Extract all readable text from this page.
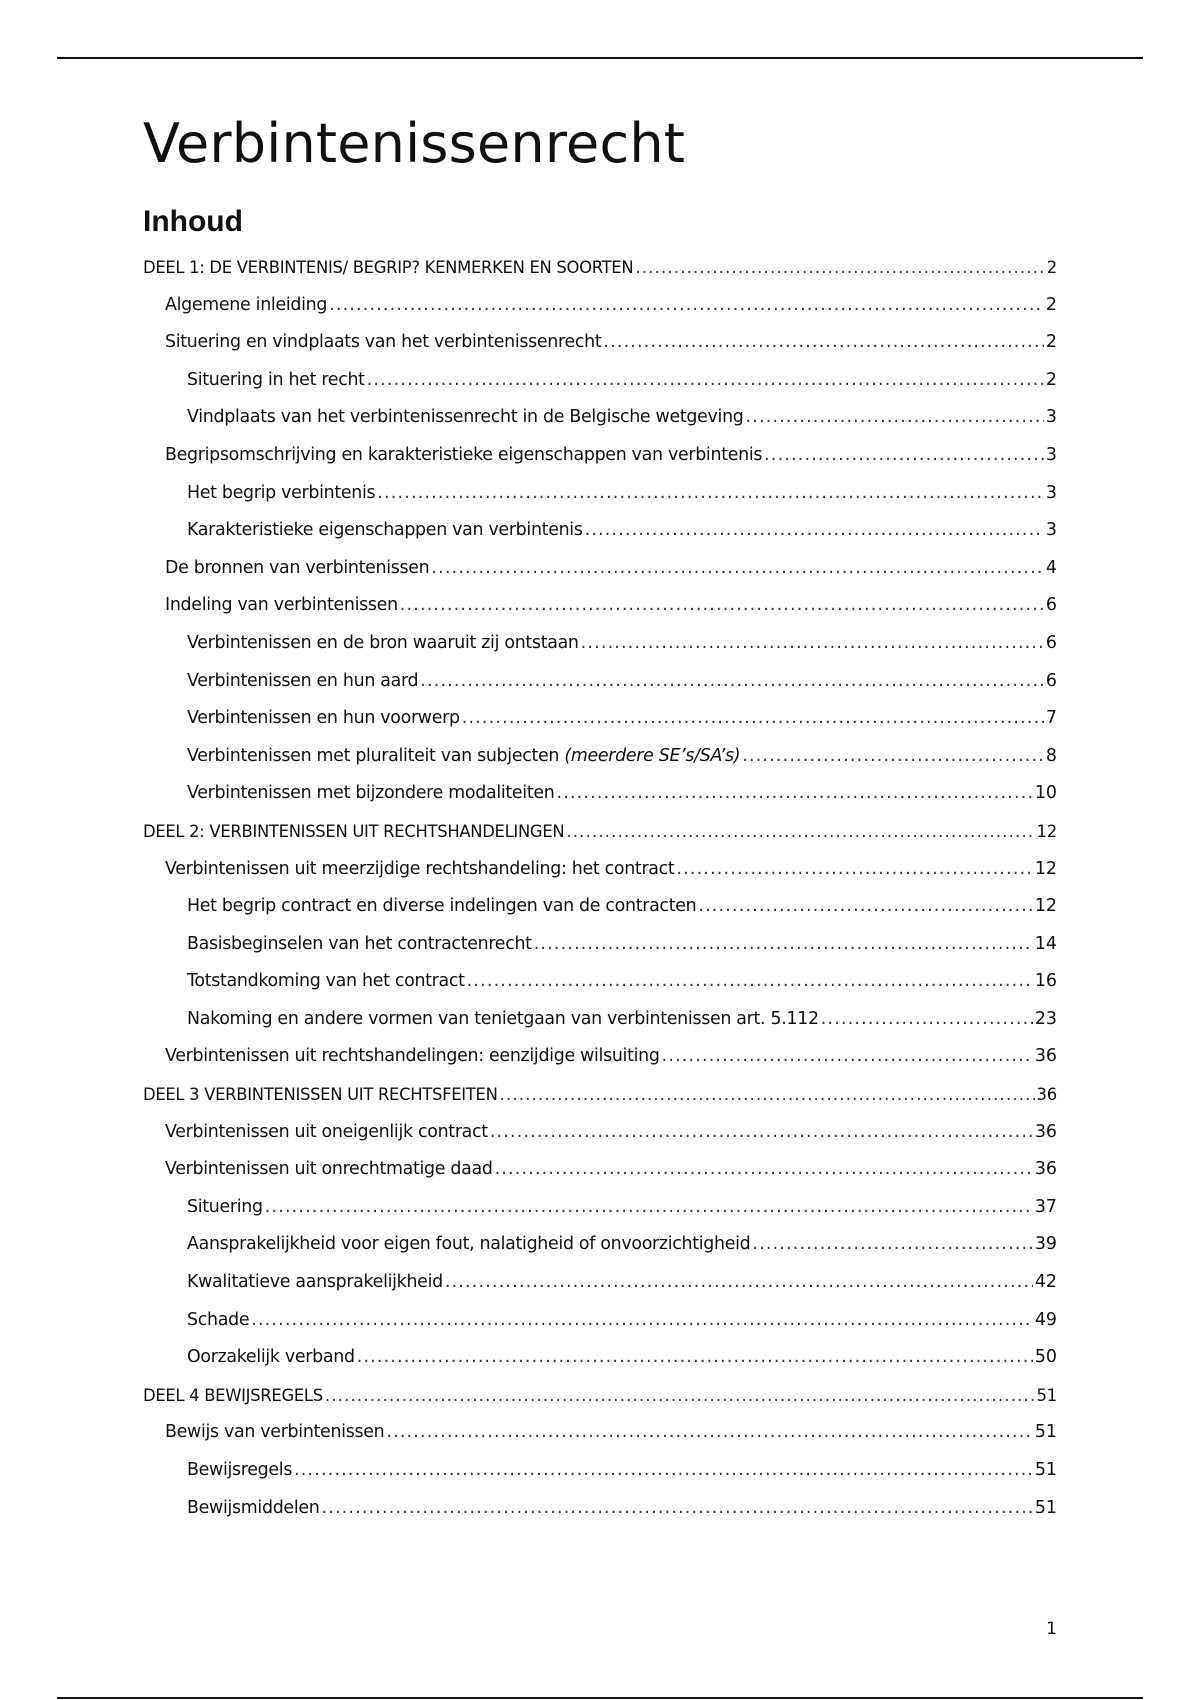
Verbintenissenrecht
Inhoud
DEEL 1: DE VERBINTENIS/ BEGRIP? KENMERKEN EN SOORTEN .....	2
Algemene inleiding .....	2
Situering en vindplaats van het verbintenissenrecht .....	2
Situering in het recht .....	2
Vindplaats van het verbintenissenrecht in de Belgische wetgeving .....	3
Begripsomschrijving en karakteristieke eigenschappen van verbintenis .....	3
Het begrip verbintenis .....	3
Karakteristieke eigenschappen van verbintenis .....	3
De bronnen van verbintenissen .....	4
Indeling van verbintenissen .....	6
Verbintenissen en de bron waaruit zij ontstaan .....	6
Verbintenissen en hun aard .....	6
Verbintenissen en hun voorwerp .....	7
Verbintenissen met pluraliteit van subjecten (meerdere SE’s/SA’s) .....	8
Verbintenissen met bijzondere modaliteiten .....	10
DEEL 2: VERBINTENISSEN UIT RECHTSHANDELINGEN .....	12
Verbintenissen uit meerzijdige rechtshandeling: het contract .....	12
Het begrip contract en diverse indelingen van de contracten .....	12
Basisbeginselen van het contractenrecht .....	14
Totstandkoming van het contract .....	16
Nakoming en andere vormen van tenietgaan van verbintenissen art. 5.112 .....	23
Verbintenissen uit rechtshandelingen: eenzijdige wilsuiting .....	36
DEEL 3 VERBINTENISSEN UIT RECHTSFEITEN .....	36
Verbintenissen uit oneigenlijk contract .....	36
Verbintenissen uit onrechtmatige daad .....	36
Situering .....	37
Aansprakelijkheid voor eigen fout, nalatigheid of onvoorzichtigheid .....	39
Kwalitatieve aansprakelijkheid .....	42
Schade .....	49
Oorzakelijk verband .....	50
DEEL 4 BEWIJSREGELS .....	51
Bewijs van verbintenissen .....	51
Bewijsregels .....	51
Bewijsmiddelen .....	51
1
